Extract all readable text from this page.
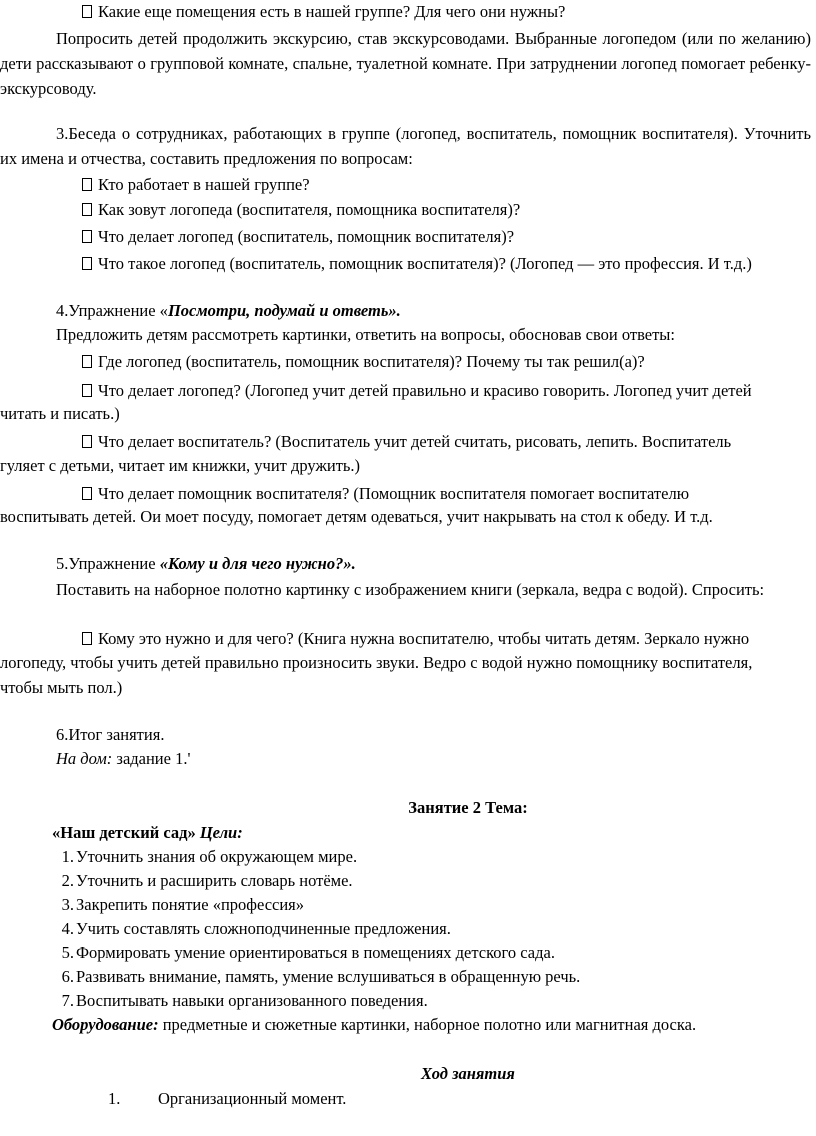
Какие еще помещения есть в нашей группе? Для чего они нужны?

Попросить детей продолжить экскурсию, став экскурсоводами. Выбранные логопедом (или по желанию) дети рассказывают о групповой комнате, спальне, туалетной комнате. При затруднении логопед помогает ребенку-экскурсоводу.

3.Беседа о сотрудниках, работающих в группе (логопед, воспитатель, помощник воспитателя). Уточнить их имена и отчества, составить предложения по вопросам:

Кто работает в нашей группе?
Как зовут логопеда (воспитателя, помощника воспитателя)?
Что делает логопед (воспитатель, помощник воспитателя)?
Что такое логопед (воспитатель, помощник воспитателя)? (Логопед — это профессия. И т.д.)
4.Упражнение «Посмотри, подумай и ответь».
Предложить детям рассмотреть картинки, ответить на вопросы, обосновав свои ответы:
Где логопед (воспитатель, помощник воспитателя)? Почему ты так решил(а)?
Что делает логопед? (Логопед учит детей правильно и красиво говорить. Логопед учит детей
читать и писать.)
Что делает воспитатель? (Воспитатель учит детей считать, рисовать, лепить. Воспитатель
гуляет с детьми, читает им книжки, учит дружить.)
Что делает помощник воспитателя? (Помощник воспитателя помогает воспитателю
воспитывать детей. Ои моет посуду, помогает детям одеваться, учит накрывать на стол к обеду. И т.д.
5.Упражнение «Кому и для чего нужно?».

Поставить на наборное полотно картинку с изображением книги (зеркала, ведра с водой). Спросить:

Кому это нужно и для чего? (Книга нужна воспитателю, чтобы читать детям. Зеркало нужно
логопеду, чтобы учить детей правильно произносить звуки. Ведро с водой нужно помощнику воспитателя,
чтобы мыть пол.)
6.Итог занятия.
На дом: задание 1.'
Занятие 2 Тема:
«Наш детский сад» Цели:
1. Уточнить знания об окружающем мире.
2. Уточнить и расширить словарь нотёме.
3. Закрепить понятие «профессия»
4. Учить составлять сложноподчиненные предложения.
5. Формировать умение ориентироваться в помещениях детского сада.
6. Развивать внимание, память, умение вслушиваться в обращенную речь.
7. Воспитывать навыки организованного поведения.
Оборудование: предметные и сюжетные картинки, наборное полотно или магнитная доска.
Ход занятия
1. Организационный момент.
